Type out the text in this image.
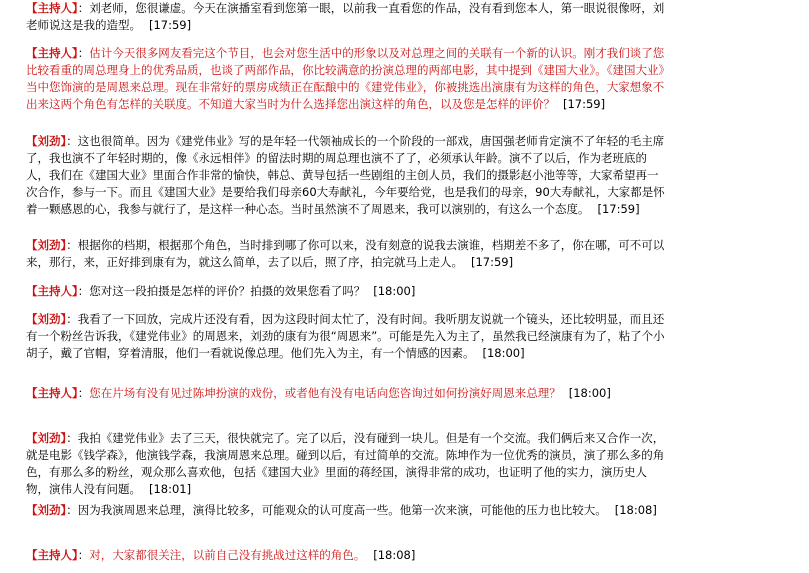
【主持人】：刘老师，您很谦虚。今天在演播室看到您第一眼，以前我一直看您的作品，没有看到您本人，第一眼说很像呀，刘老师说这是我的造型。 [17:59]

【主持人】：估计今天很多网友看完这个节目，也会对您生活中的形象以及对总理之间的关联有一个新的认识。刚才我们谈了您比较看重的周总理身上的优秀品质，也谈了两部作品，你比较满意的扮演总理的两部电影，其中提到《建国大业》。《建国大业》当中您饰演的是周恩来总理。现在非常好的票房成绩正在酝酿中的《建党伟业》，你被挑选出演康有为这样的角色，大家想象不出来这两个角色有怎样的关联度。不知道大家当时为什么选择您出演这样的角色，以及您是怎样的评价？ [17:59]

【刘劲】：这也很简单。因为《建党伟业》写的是年轻一代领袖成长的一个阶段的一部戏，唐国强老师肯定演不了年轻的毛主席了，我也演不了年轻时期的，像《永远相伴》的留法时期的周总理也演不了了，必须承认年龄。演不了以后，作为老班底的人，我们在《建国大业》里面合作非常的愉快，韩总、黄导包括一些剧组的主创人员，我们的摄影赵小池等等，大家希望再一次合作，参与一下。而且《建国大业》是要给我们母亲60大寿献礼，今年要给党，也是我们的母亲，90大寿献礼，大家都是怀着一颗感恩的心，我参与就行了，是这样一种心态。当时虽然演不了周恩来，我可以演别的，有这么一个态度。 [17:59]

【刘劲】：根据你的档期，根据那个角色，当时排到哪了你可以来，没有刻意的说我去演谁，档期差不多了，你在哪，可不可以来，那行，来，正好排到康有为，就这么简单，去了以后，照了序，拍完就马上走人。 [17:59]

【主持人】：您对这一段拍摄是怎样的评价？拍摄的效果您看了吗？ [18:00]

【刘劲】：我看了一下回放，完成片还没有看，因为这段时间太忙了，没有时间。我听朋友说就一个镜头，还比较明显，而且还有一个粉丝告诉我，《建党伟业》的周恩来，刘劲的康有为很“周恩来”。可能是先入为主了，虽然我已经演康有为了，粘了个小胡子，戴了官帽，穿着清服，他们一看就说像总理。他们先入为主，有一个情感的因素。 [18:00]

【主持人】：您在片场有没有见过陈坤扮演的戏份，或者他有没有电话向您咨询过如何扮演好周恩来总理？ [18:00]

【刘劲】：我拍《建党伟业》去了三天，很快就完了。完了以后，没有碰到一块儿。但是有一个交流。我们俩后来又合作一次，就是电影《钱学森》，他演钱学森，我演周恩来总理。碰到以后，有过简单的交流。陈坤作为一位优秀的演员，演了那么多的角色，有那么多的粉丝，观众那么喜欢他，包括《建国大业》里面的蒋经国，演得非常的成功，也证明了他的实力，演历史人物，演伟人没有问题。 [18:01]

【刘劲】：因为我演周恩来总理，演得比较多，可能观众的认可度高一些。他第一次来演，可能他的压力也比较大。 [18:08]

【主持人】：对，大家都很关注，以前自己没有挑战过这样的角色。 [18:08]
